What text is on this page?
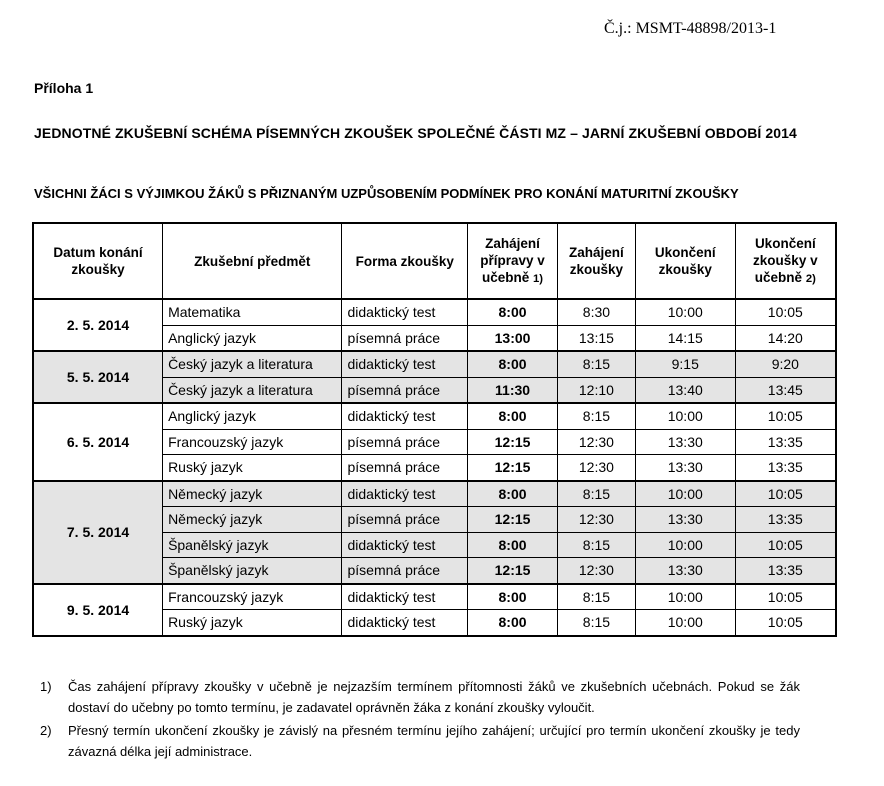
Č.j.: MSMT-48898/2013-1
Příloha 1
JEDNOTNÉ ZKUŠEBNÍ SCHÉMA PÍSEMNÝCH ZKOUŠEK SPOLEČNÉ ČÁSTI MZ – JARNÍ ZKUŠEBNÍ OBDOBÍ 2014
VŠICHNI ŽÁCI S VÝJIMKOU ŽÁKŮ S PŘIZNANÝM UZPŮSOBENÍM PODMÍNEK PRO KONÁNÍ MATURITNÍ ZKOUŠKY
Datum konání zkoušky	Zkušební předmět	Forma zkoušky	Zahájení přípravy v učebně 1)	Zahájení zkoušky	Ukončení zkoušky	Ukončení zkoušky v učebně 2)
2. 5. 2014	Matematika	didaktický test	8:00	8:30	10:00	10:05
	Anglický jazyk	písemná práce	13:00	13:15	14:15	14:20
5. 5. 2014	Český jazyk a literatura	didaktický test	8:00	8:15	9:15	9:20
	Český jazyk a literatura	písemná práce	11:30	12:10	13:40	13:45
6. 5. 2014	Anglický jazyk	didaktický test	8:00	8:15	10:00	10:05
	Francouzský jazyk	písemná práce	12:15	12:30	13:30	13:35
	Ruský jazyk	písemná práce	12:15	12:30	13:30	13:35
7. 5. 2014	Německý jazyk	didaktický test	8:00	8:15	10:00	10:05
	Německý jazyk	písemná práce	12:15	12:30	13:30	13:35
	Španělský jazyk	didaktický test	8:00	8:15	10:00	10:05
	Španělský jazyk	písemná práce	12:15	12:30	13:30	13:35
9. 5. 2014	Francouzský jazyk	didaktický test	8:00	8:15	10:00	10:05
	Ruský jazyk	didaktický test	8:00	8:15	10:00	10:05
1)	Čas zahájení přípravy zkoušky v učebně je nejzazším termínem přítomnosti žáků ve zkušebních učebnách. Pokud se žák dostaví do učebny po tomto termínu, je zadavatel oprávněn žáka z konání zkoušky vyloučit.
2)	Přesný termín ukončení zkoušky je závislý na přesném termínu jejího zahájení; určující pro termín ukončení zkoušky je tedy závazná délka její administrace.
